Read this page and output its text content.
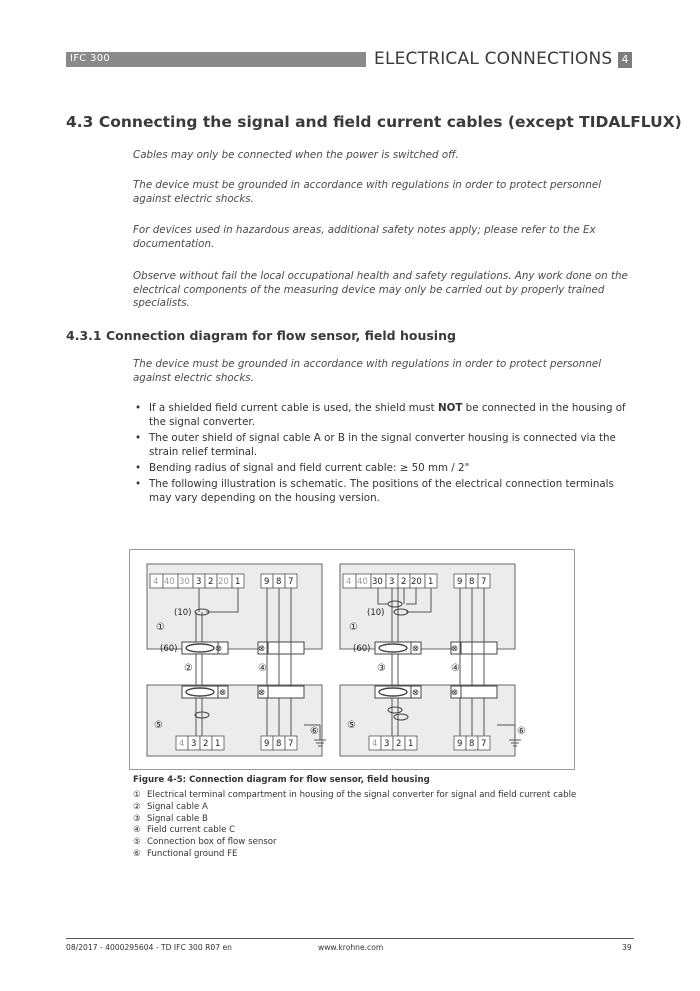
IFC 300	ELECTRICAL CONNECTIONS 4
4.3 Connecting the signal and field current cables (except TIDALFLUX)
Cables may only be connected when the power is switched off.
The device must be grounded in accordance with regulations in order to protect personnel against electric shocks.
For devices used in hazardous areas, additional safety notes apply; please refer to the Ex documentation.
Observe without fail the local occupational health and safety regulations. Any work done on the electrical components of the measuring device may only be carried out by properly trained specialists.
4.3.1 Connection diagram for flow sensor, field housing
The device must be grounded in accordance with regulations in order to protect personnel against electric shocks.
• If a shielded field current cable is used, the shield must NOT be connected in the housing of the signal converter.
• The outer shield of signal cable A or B in the signal converter housing is connected via the strain relief terminal.
• Bending radius of signal and field current cable: ≥ 50 mm / 2"
• The following illustration is schematic. The positions of the electrical connection terminals may vary depending on the housing version.
4 40 30 3 2 20 1	9 8 7
(10)
①
⊗
(60)	⊗
②	④
⊗	⊗
⑤
4 3 2 1	9 8 7
⑥
4 40 30 3 2 20 1	9 8 7
(10)
①
⊗
(60)	⊗
③	④
⊗	⊗
⑤
4 3 2 1	9 8 7
⑥
Figure 4-5: Connection diagram for flow sensor, field housing
① Electrical terminal compartment in housing of the signal converter for signal and field current cable
② Signal cable A
③ Signal cable B
④ Field current cable C
⑤ Connection box of flow sensor
⑥ Functional ground FE
08/2017 - 4000295604 - TD IFC 300 R07 en	www.krohne.com	39
